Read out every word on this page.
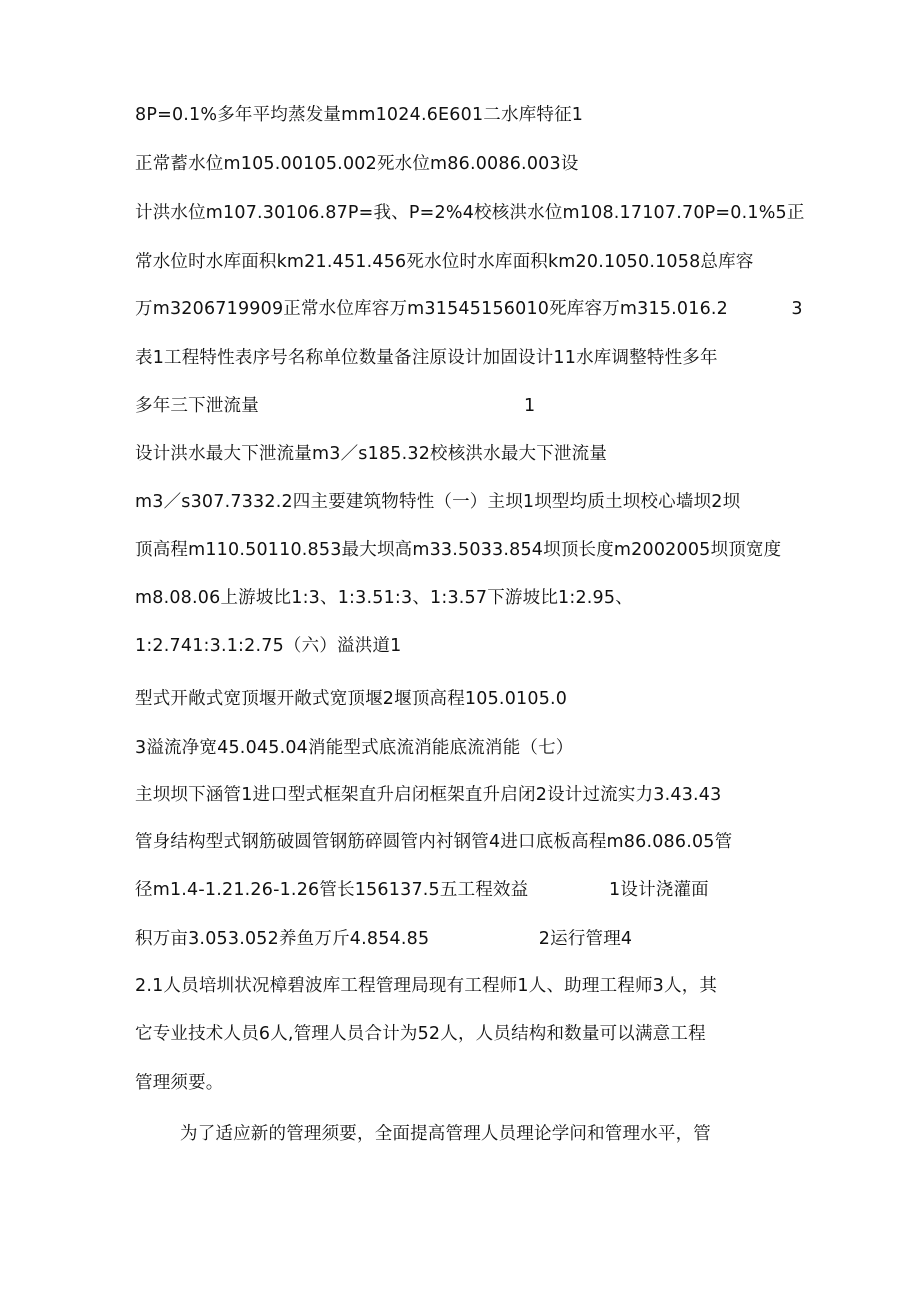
8P=0.1%多年平均蒸发量mm1024.6E601二水库特征1
正常蓄水位m105.00105.002死水位m86.0086.003设
计洪水位m107.30106.87P=我、P=2%4校核洪水位m108.17107.70P=0.1%5正
常水位时水库面积km21.451.456死水位时水库面积km20.1050.1058总库容
万m3206719909正常水位库容万m31545156010死库容万m315.016.2           3
表1工程特性表序号名称单位数量备注原设计加固设计11水库调整特性多年
多年三下泄流量                                              1
设计洪水最大下泄流量m3／s185.32校核洪水最大下泄流量
m3／s307.7332.2四主要建筑物特性（一）主坝1坝型均质土坝校心墙坝2坝
顶高程m110.50110.853最大坝高m33.5033.854坝顶长度m2002005坝顶宽度
m8.08.06上游坡比1:3、1:3.51:3、1:3.57下游坡比1:2.95、
1:2.741:3.1:2.75（六）溢洪道1
型式开敞式宽顶堰开敞式宽顶堰2堰顶高程105.0105.0
3溢流净宽45.045.04消能型式底流消能底流消能（七）
主坝坝下涵管1进口型式框架直升启闭框架直升启闭2设计过流实力3.43.43
管身结构型式钢筋破圆管钢筋碎圆管内衬钢管4进口底板高程m86.086.05管
径m1.4-1.21.26-1.26管长156137.5五工程效益              1设计浇灌面
积万亩3.053.052养鱼万斤4.854.85                   2运行管理4
2.1人员培圳状况樟碧波库工程管理局现有工程师1人、助理工程师3人，其
它专业技术人员6人,管理人员合计为52人，人员结构和数量可以满意工程
管理须要。
为了适应新的管理须要，全面提高管理人员理论学问和管理水平，管
